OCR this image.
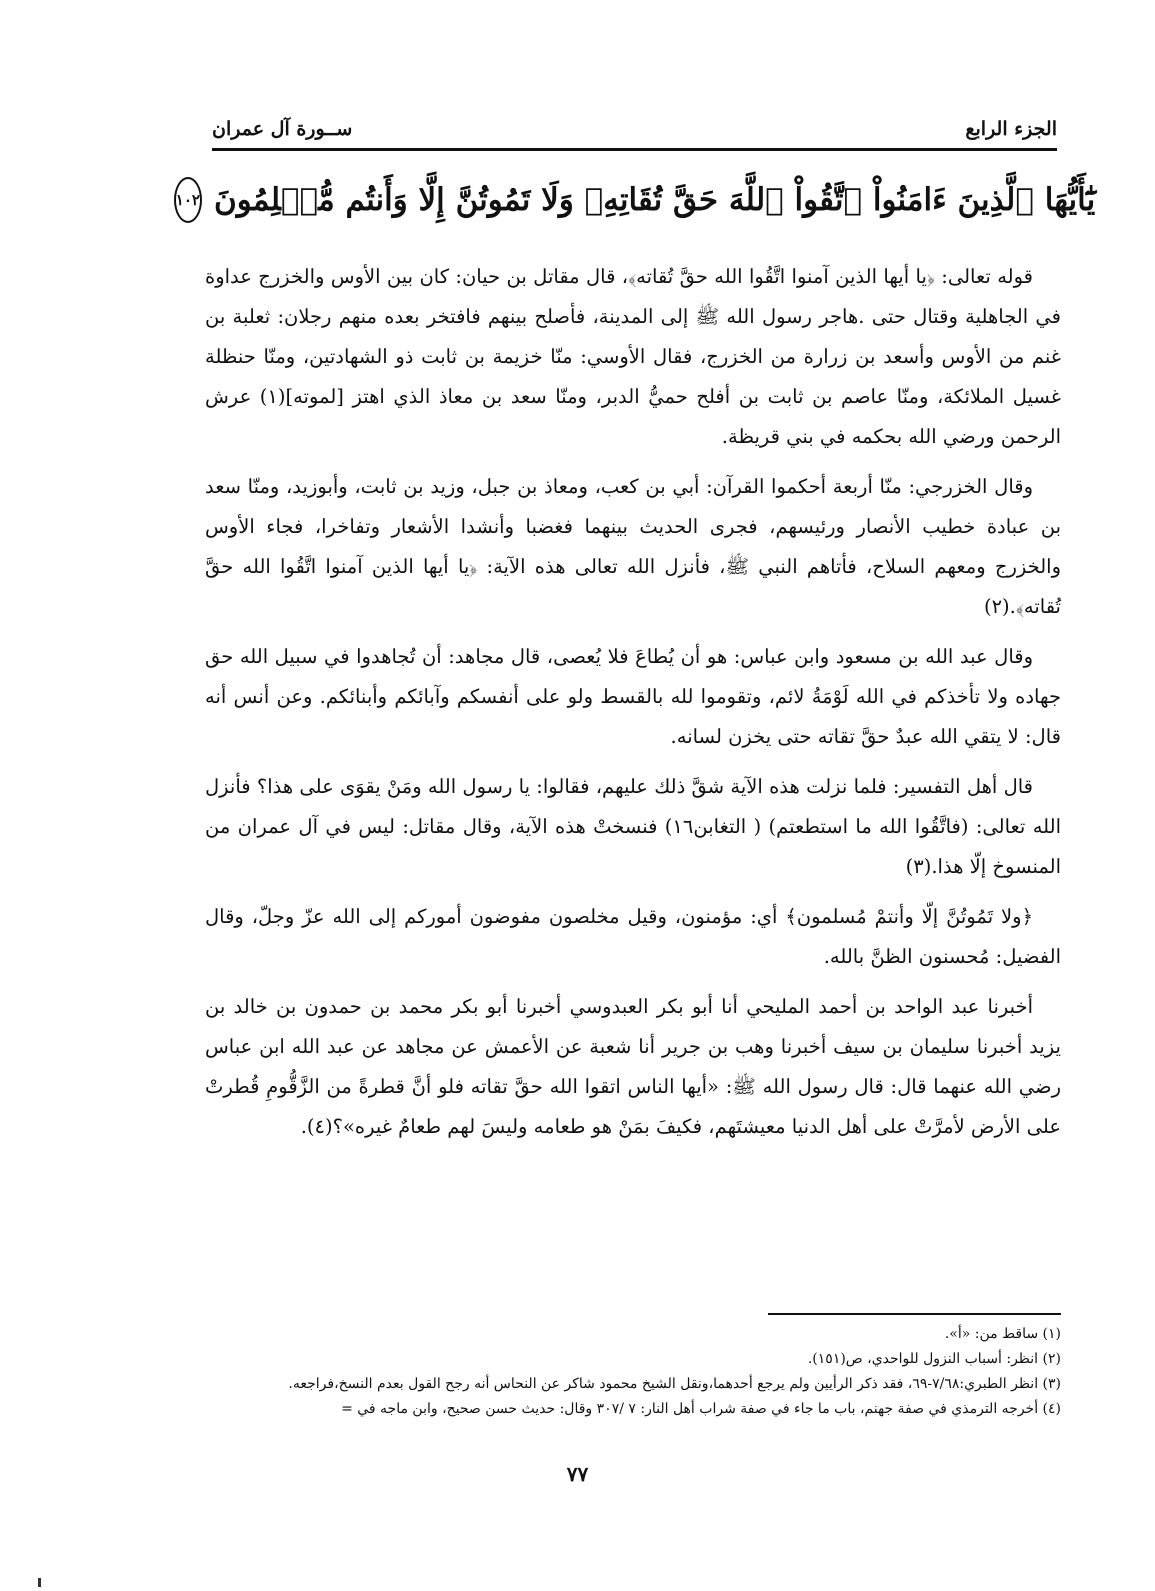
الجزء الرابع
ســورة آل عمران
يَٰٓأَيُّهَا ٱلَّذِينَ ءَامَنُواْ ٱتَّقُواْ ٱللَّهَ حَقَّ تُقَاتِهِۦ وَلَا تَمُوتُنَّ إِلَّا وَأَنتُم مُّسۡلِمُونَ
١٠٢

قوله تعالى: ﴿يا أيها الذين آمنوا اتَّقُوا الله حقَّ تُقاته﴾، قال مقاتل بن حيان: كان بين الأوس والخزرج عداوة في الجاهلية وقتال حتى .هاجر رسول الله ﷺ إلى المدينة، فأصلح بينهم فافتخر بعده منهم رجلان: ثعلبة بن غنم من الأوس وأسعد بن زرارة من الخزرج، فقال الأوسي: منّا خزيمة بن ثابت ذو الشهادتين، ومنّا حنظلة غسيل الملائكة، ومنّا عاصم بن ثابت بن أفلح حميُّ الدبر، ومنّا سعد بن معاذ الذي اهتز [لموته](١) عرش الرحمن ورضي الله بحكمه في بني قريظة.

وقال الخزرجي: منّا أربعة أحكموا القرآن: أبي بن كعب، ومعاذ بن جبل، وزيد بن ثابت، وأبوزيد، ومنّا سعد بن عبادة خطيب الأنصار ورئيسهم، فجرى الحديث بينهما فغضبا وأنشدا الأشعار وتفاخرا، فجاء الأوس والخزرج ومعهم السلاح، فأتاهم النبي ﷺ، فأنزل الله تعالى هذه الآية: ﴿يا أيها الذين آمنوا اتَّقُوا الله حقَّ تُقاته﴾.(٢)

وقال عبد الله بن مسعود وابن عباس: هو أن يُطاعَ فلا يُعصى، قال مجاهد: أن تُجاهدوا في سبيل الله حق جهاده ولا تأخذكم في الله لَوْمَةُ لائم، وتقوموا لله بالقسط ولو على أنفسكم وآبائكم وأبنائكم. وعن أنس أنه قال: لا يتقي الله عبدٌ حقَّ تقاته حتى يخزن لسانه.

قال أهل التفسير: فلما نزلت هذه الآية شقَّ ذلك عليهم، فقالوا: يا رسول الله ومَنْ يقوَى على هذا؟ فأنزل الله تعالى: (فاتَّقُوا الله ما استطعتم) ( التغابن١٦) فنسختْ هذه الآية، وقال مقاتل: ليس في آل عمران من المنسوخ إلّا هذا.(٣)

﴿ولا تَمُوتُنَّ إلّا وأنتمْ مُسلمون﴾ أي: مؤمنون، وقيل مخلصون مفوضون أموركم إلى الله عزّ وجلّ، وقال الفضيل: مُحسنون الظنَّ بالله.

أخبرنا عبد الواحد بن أحمد المليحي أنا أبو بكر العبدوسي أخبرنا أبو بكر محمد بن حمدون بن خالد بن يزيد أخبرنا سليمان بن سيف أخبرنا وهب بن جرير أنا شعبة عن الأعمش عن مجاهد عن عبد الله ابن عباس رضي الله عنهما قال: قال رسول الله ﷺ: «أيها الناس اتقوا الله حقَّ تقاته فلو أنَّ قطرةً من الزَّقُّومِ قُطرتْ على الأرض لأمرَّتْ على أهل الدنيا معيشتَهم، فكيفَ بمَنْ هو طعامه وليسَ لهم طعامٌ غيره»؟(٤).

(١) ساقط من: «أ».
(٢) انظر: أسباب النزول للواحدي، ص(١٥١).
(٣) انظر الطبري:٧/٦٨-٦٩، فقد ذكر الرأيين ولم يرجع أحدهما،ونقل الشيخ محمود شاكر عن النحاس أنه رجح القول بعدم النسخ،فراجعه.
(٤) أخرجه الترمذي في صفة جهنم، باب ما جاء في صفة شراب أهل النار: ٧ /٣٠٧ وقال: حديث حسن صحيح، وابن ماجه في =
٧٧
